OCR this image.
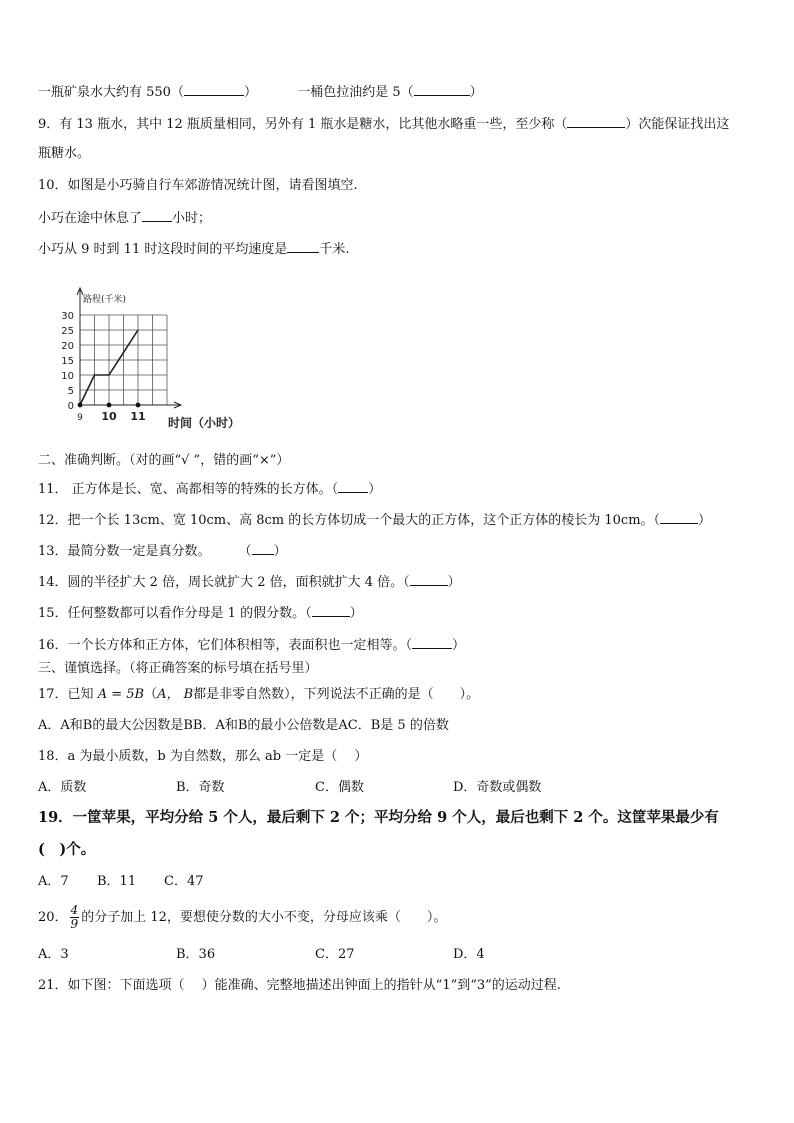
一瓶矿泉水大约有 550（	）	一桶色拉油约是 5（	）
9．有 13 瓶水，其中 12 瓶质量相同，另外有 1 瓶水是糖水，比其他水略重一些，至少称（	）次能保证找出这
瓶糖水。
10．如图是小巧骑自行车郊游情况统计图，请看图填空.
小巧在途中休息了 小时；
小巧从 9 时到 11 时这段时间的平均速度是 千米.
30
25
20
15
10
5
0
9 10 11
路程(千米)
时间（小时）
二、准确判断。（对的画“√ ”，错的画“×”）
11． 正方体是长、宽、高都相等的特殊的长方体。（ ）
12．把一个长 13cm、宽 10cm、高 8cm 的长方体切成一个最大的正方体，这个正方体的棱长为 10cm。（	）
13．最简分数一定是真分数。 （ ）
14．圆的半径扩大 2 倍，周长就扩大 2 倍，面积就扩大 4 倍。（	）
15．任何整数都可以看作分母是 1 的假分数。（	）
16．一个长方体和正方体，它们体积相等，表面积也一定相等。（	）
三、谨慎选择。（将正确答案的标号填在括号里）
17．已知 A = 5B（A， B都是非零自然数），下列说法不正确的是（　　）。
A．A和B的最大公因数是BB．A和B的最小公倍数是AC．B是 5 的倍数
18．a 为最小质数，b 为自然数，那么 ab 一定是（　 ）
A．质数	B．奇数	C．偶数	D．奇数或偶数
19．一筐苹果，平均分给 5 个人，最后剩下 2 个；平均分给 9 个人，最后也剩下 2 个。这筐苹果最少有
(　)个。
A．7 B．11 C．47
20． $\frac{4}{9}$ 的分子加上 12，要想使分数的大小不变，分母应该乘（　　）。
A．3	B．36	C．27	D．4
21．如下图：下面选项（　 ）能准确、完整地描述出钟面上的指针从“1”到“3”的运动过程.
